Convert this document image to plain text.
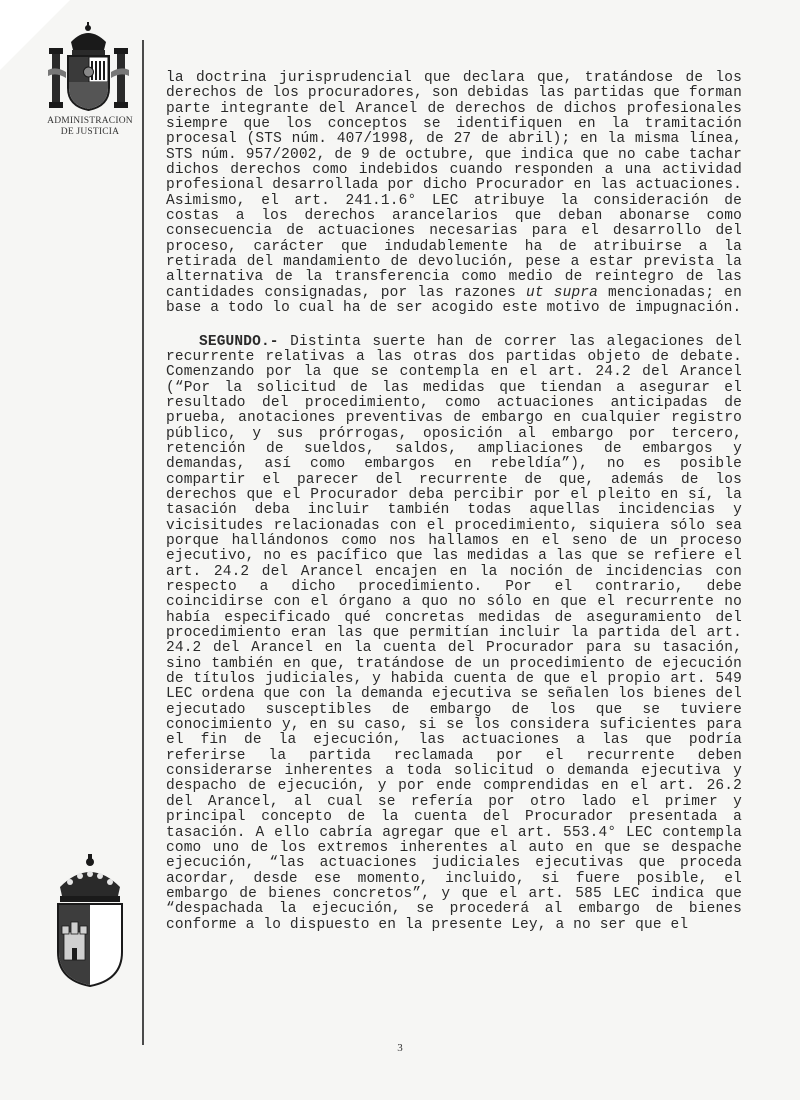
ADMINISTRACION
DE JUSTICIA

la doctrina jurisprudencial que declara que, tratándose de los derechos de los procuradores, son debidas las partidas que forman parte integrante del Arancel de derechos de dichos profesionales siempre que los conceptos se identifiquen en la tramitación procesal (STS núm. 407/1998, de 27 de abril); en la misma línea, STS núm. 957/2002, de 9 de octubre, que indica que no cabe tachar dichos derechos como indebidos cuando responden a una actividad profesional desarrollada por dicho Procurador en las actuaciones. Asimismo, el art. 241.1.6° LEC atribuye la consideración de costas a los derechos arancelarios que deban abonarse como consecuencia de actuaciones necesarias para el desarrollo del proceso, carácter que indudablemente ha de atribuirse a la retirada del mandamiento de devolución, pese a estar prevista la alternativa de la transferencia como medio de reintegro de las cantidades consignadas, por las razones ut supra mencionadas; en base a todo lo cual ha de ser acogido este motivo de impugnación.

SEGUNDO.- Distinta suerte han de correr las alegaciones del recurrente relativas a las otras dos partidas objeto de debate. Comenzando por la que se contempla en el art. 24.2 del Arancel (“Por la solicitud de las medidas que tiendan a asegurar el resultado del procedimiento, como actuaciones anticipadas de prueba, anotaciones preventivas de embargo en cualquier registro público, y sus prórrogas, oposición al embargo por tercero, retención de sueldos, saldos, ampliaciones de embargos y demandas, así como embargos en rebeldía”), no es posible compartir el parecer del recurrente de que, además de los derechos que el Procurador deba percibir por el pleito en sí, la tasación deba incluir también todas aquellas incidencias y vicisitudes relacionadas con el procedimiento, siquiera sólo sea porque hallándonos como nos hallamos en el seno de un proceso ejecutivo, no es pacífico que las medidas a las que se refiere el art. 24.2 del Arancel encajen en la noción de incidencias con respecto a dicho procedimiento. Por el contrario, debe coincidirse con el órgano a quo no sólo en que el recurrente no había especificado qué concretas medidas de aseguramiento del procedimiento eran las que permitían incluir la partida del art. 24.2 del Arancel en la cuenta del Procurador para su tasación, sino también en que, tratándose de un procedimiento de ejecución de títulos judiciales, y habida cuenta de que el propio art. 549 LEC ordena que con la demanda ejecutiva se señalen los bienes del ejecutado susceptibles de embargo de los que se tuviere conocimiento y, en su caso, si se los considera suficientes para el fin de la ejecución, las actuaciones a las que podría referirse la partida reclamada por el recurrente deben considerarse inherentes a toda solicitud o demanda ejecutiva y despacho de ejecución, y por ende comprendidas en el art. 26.2 del Arancel, al cual se refería por otro lado el primer y principal concepto de la cuenta del Procurador presentada a tasación. A ello cabría agregar que el art. 553.4° LEC contempla como uno de los extremos inherentes al auto en que se despache ejecución, “las actuaciones judiciales ejecutivas que proceda acordar, desde ese momento, incluido, si fuere posible, el embargo de bienes concretos”, y que el art. 585 LEC indica que “despachada la ejecución, se procederá al embargo de bienes conforme a lo dispuesto en la presente Ley, a no ser que el

3
